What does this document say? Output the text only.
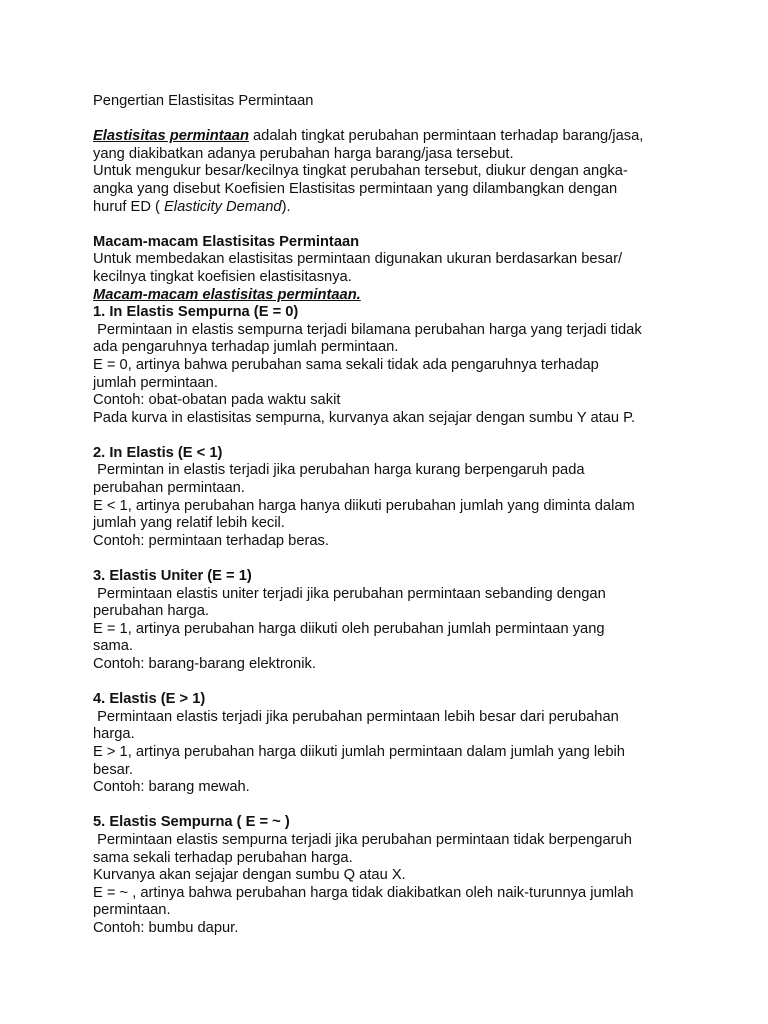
Pengertian Elastisitas Permintaan
Elastisitas permintaan adalah tingkat perubahan permintaan terhadap barang/jasa,
yang diakibatkan adanya perubahan harga barang/jasa tersebut.
Untuk mengukur besar/kecilnya tingkat perubahan tersebut, diukur dengan angka-
angka yang disebut Koefisien Elastisitas permintaan yang dilambangkan dengan
huruf ED ( Elasticity Demand).
Macam-macam Elastisitas Permintaan
Untuk membedakan elastisitas permintaan digunakan ukuran berdasarkan besar/
kecilnya tingkat koefisien elastisitasnya.
Macam-macam elastisitas permintaan.
1. In Elastis Sempurna (E = 0)
Permintaan in elastis sempurna terjadi bilamana perubahan harga yang terjadi tidak
ada pengaruhnya terhadap jumlah permintaan.
E = 0, artinya bahwa perubahan sama sekali tidak ada pengaruhnya terhadap
jumlah permintaan.
Contoh: obat-obatan pada waktu sakit
Pada kurva in elastisitas sempurna, kurvanya akan sejajar dengan sumbu Y atau P.
2. In Elastis (E < 1)
Permintan in elastis terjadi jika perubahan harga kurang berpengaruh pada
perubahan permintaan.
E < 1, artinya perubahan harga hanya diikuti perubahan jumlah yang diminta dalam
jumlah yang relatif lebih kecil.
Contoh: permintaan terhadap beras.
3. Elastis Uniter (E = 1)
Permintaan elastis uniter terjadi jika perubahan permintaan sebanding dengan
perubahan harga.
E = 1, artinya perubahan harga diikuti oleh perubahan jumlah permintaan yang
sama.
Contoh: barang-barang elektronik.
4. Elastis (E > 1)
Permintaan elastis terjadi jika perubahan permintaan lebih besar dari perubahan
harga.
E > 1, artinya perubahan harga diikuti jumlah permintaan dalam jumlah yang lebih
besar.
Contoh: barang mewah.
5. Elastis Sempurna ( E = ~ )
Permintaan elastis sempurna terjadi jika perubahan permintaan tidak berpengaruh
sama sekali terhadap perubahan harga.
Kurvanya akan sejajar dengan sumbu Q atau X.
E = ~ , artinya bahwa perubahan harga tidak diakibatkan oleh naik-turunnya jumlah
permintaan.
Contoh: bumbu dapur.
